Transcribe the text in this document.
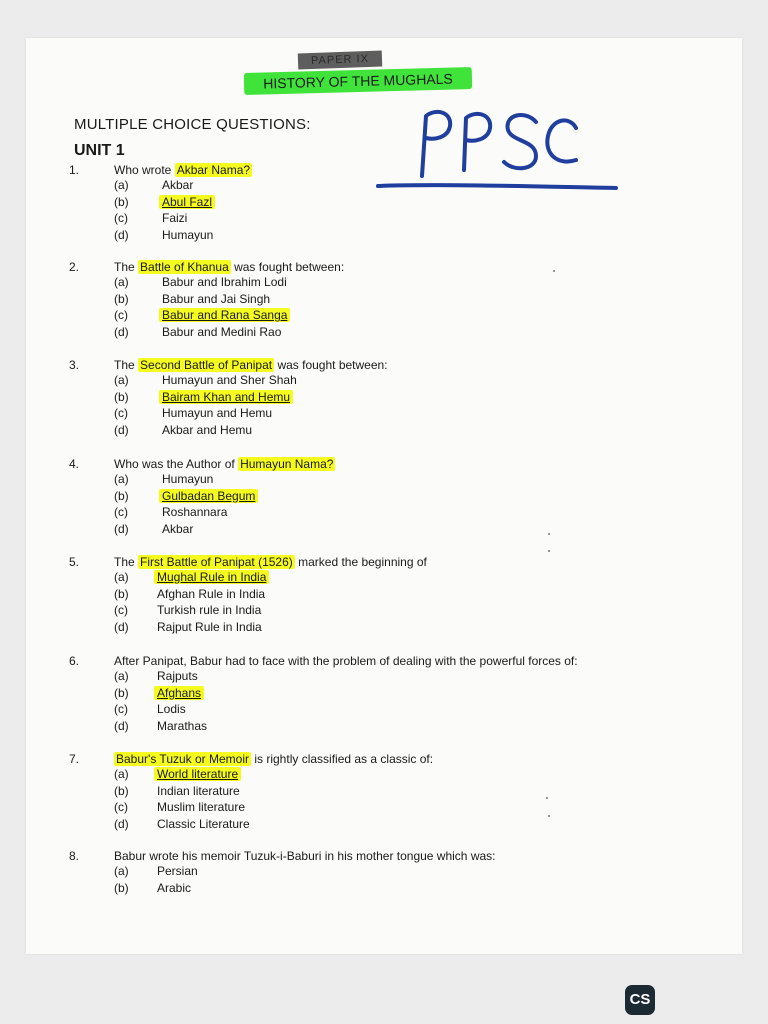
PAPER IX
HISTORY OF THE MUGHALS
MULTIPLE CHOICE QUESTIONS:
UNIT 1
1.	Who wrote Akbar Nama?
(a)	Akbar
(b)	Abul Fazl
(c)	Faizi
(d)	Humayun
2.	The Battle of Khanua was fought between:
(a)	Babur and Ibrahim Lodi
(b)	Babur and Jai Singh
(c)	Babur and Rana Sanga
(d)	Babur and Medini Rao
3.	The Second Battle of Panipat was fought between:
(a)	Humayun and Sher Shah
(b)	Bairam Khan and Hemu
(c)	Humayun and Hemu
(d)	Akbar and Hemu
4.	Who was the Author of Humayun Nama?
(a)	Humayun
(b)	Gulbadan Begum
(c)	Roshannara
(d)	Akbar
5.	The First Battle of Panipat (1526) marked the beginning of
(a) Mughal Rule in India
(b) Afghan Rule in India
(c) Turkish rule in India
(d) Rajput Rule in India
6.	After Panipat, Babur had to face with the problem of dealing with the powerful forces of:
(a) Rajputs
(b) Afghans
(c) Lodis
(d) Marathas
7.	Babur's Tuzuk or Memoir is rightly classified as a classic of:
(a) World literature
(b) Indian literature
(c) Muslim literature
(d) Classic Literature
8.	Babur wrote his memoir Tuzuk-i-Baburi in his mother tongue which was:
(a) Persian
(b) Arabic
CS
